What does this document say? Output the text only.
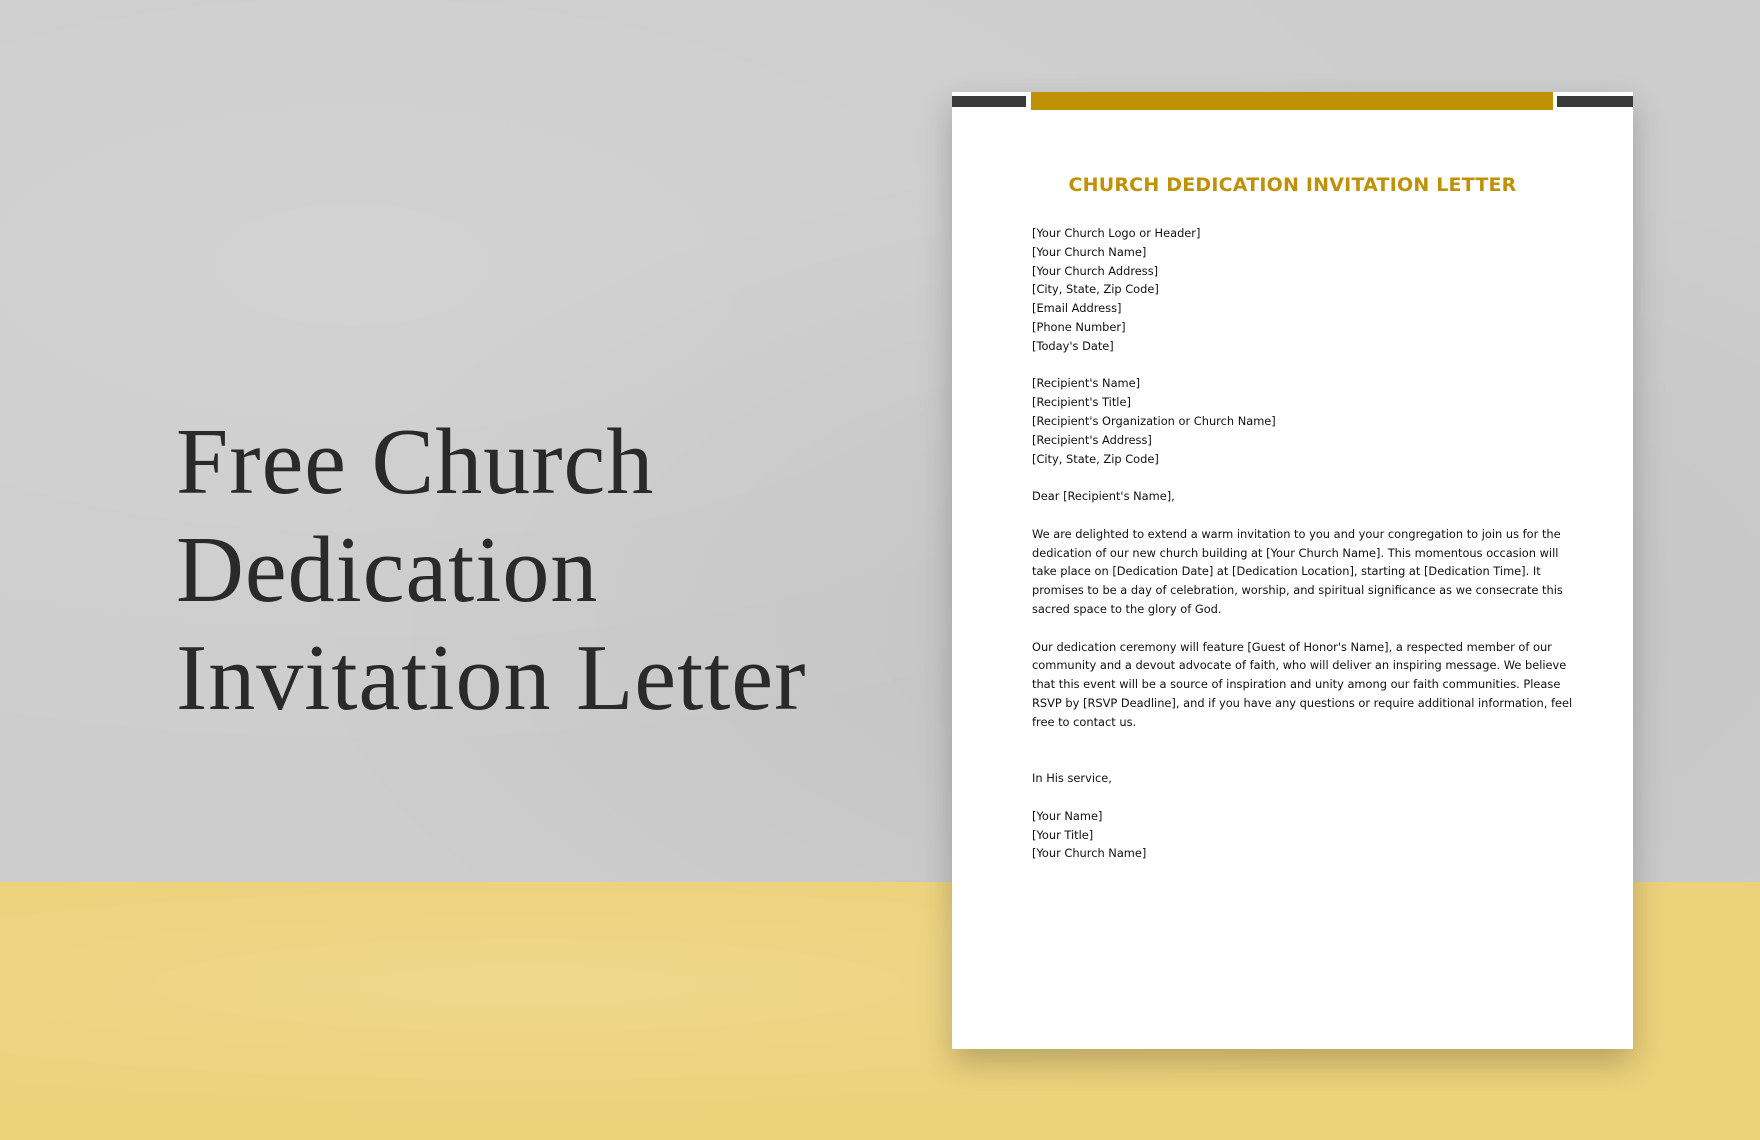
Free Church
Dedication
Invitation Letter
CHURCH DEDICATION INVITATION LETTER
[Your Church Logo or Header]
[Your Church Name]
[Your Church Address]
[City, State, Zip Code]
[Email Address]
[Phone Number]
[Today's Date]
[Recipient's Name]
[Recipient's Title]
[Recipient's Organization or Church Name]
[Recipient's Address]
[City, State, Zip Code]
Dear [Recipient's Name],
We are delighted to extend a warm invitation to you and your congregation to join us for the
dedication of our new church building at [Your Church Name]. This momentous occasion will
take place on [Dedication Date] at [Dedication Location], starting at [Dedication Time]. It
promises to be a day of celebration, worship, and spiritual significance as we consecrate this
sacred space to the glory of God.
Our dedication ceremony will feature [Guest of Honor's Name], a respected member of our
community and a devout advocate of faith, who will deliver an inspiring message. We believe
that this event will be a source of inspiration and unity among our faith communities. Please
RSVP by [RSVP Deadline], and if you have any questions or require additional information, feel
free to contact us.
In His service,
[Your Name]
[Your Title]
[Your Church Name]
